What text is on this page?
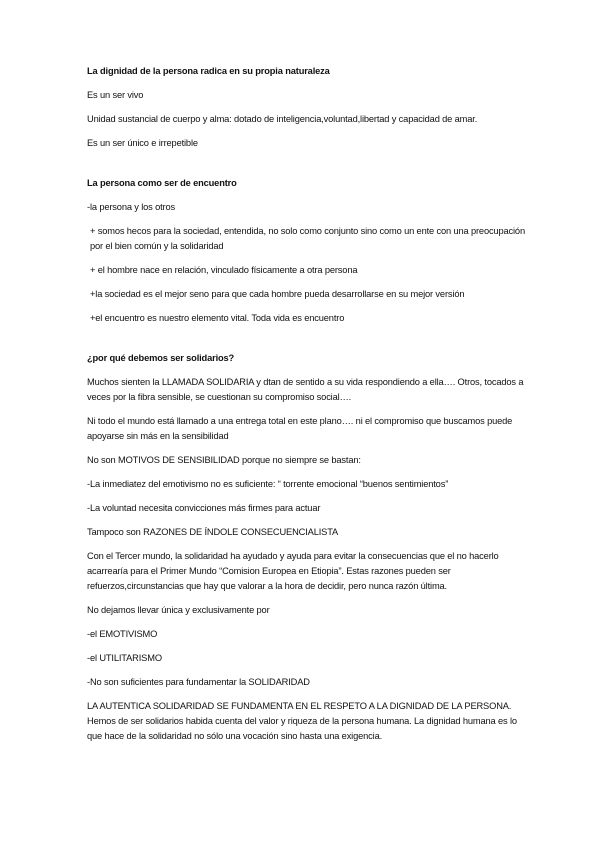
La dignidad de la persona radica en su propia naturaleza
Es un ser vivo
Unidad sustancial de cuerpo y alma: dotado de inteligencia,voluntad,libertad y capacidad de amar.
Es un ser único e irrepetible
La persona como ser de encuentro
-la persona y los otros
+ somos hecos para la sociedad, entendida, no solo como conjunto sino como un ente con una preocupación por el bien común y la solidaridad
+ el hombre nace en relación, vinculado físicamente a otra persona
+la sociedad es el mejor seno para que cada hombre pueda desarrollarse en su mejor versión
+el encuentro es nuestro elemento vital. Toda vida es encuentro
¿por qué debemos ser solidarios?
Muchos sienten la LLAMADA SOLIDARIA y dtan de sentido a su vida respondiendo a ella…. Otros, tocados a veces por la fibra sensible, se cuestionan su compromiso social….
Ni todo el mundo está llamado a una entrega total en este plano…. ni el compromiso que buscamos puede apoyarse sin más en la sensibilidad
No son MOTIVOS DE SENSIBILIDAD porque no siempre se bastan:
-La inmediatez del emotivismo no es suficiente: “ torrente emocional “buenos sentimientos”
-La voluntad necesita convicciones más firmes para actuar
Tampoco son RAZONES DE ÍNDOLE CONSECUENCIALISTA
Con el Tercer mundo, la solidaridad ha ayudado y ayuda para evitar la consecuencias que el no hacerlo acarrearía para el Primer Mundo “Comision Europea en Etiopia”. Estas razones pueden ser refuerzos,circunstancias que hay que valorar a la hora de decidir, pero nunca razón última.
No dejamos llevar única y exclusivamente por
-el EMOTIVISMO
-el UTILITARISMO
-No son suficientes para fundamentar la SOLIDARIDAD
LA AUTENTICA SOLIDARIDAD SE FUNDAMENTA EN EL RESPETO A LA DIGNIDAD DE LA PERSONA. Hemos de ser solidarios habida cuenta del valor y riqueza de la persona humana. La dignidad humana es lo que hace de la solidaridad no sólo una vocación sino hasta una exigencia.
